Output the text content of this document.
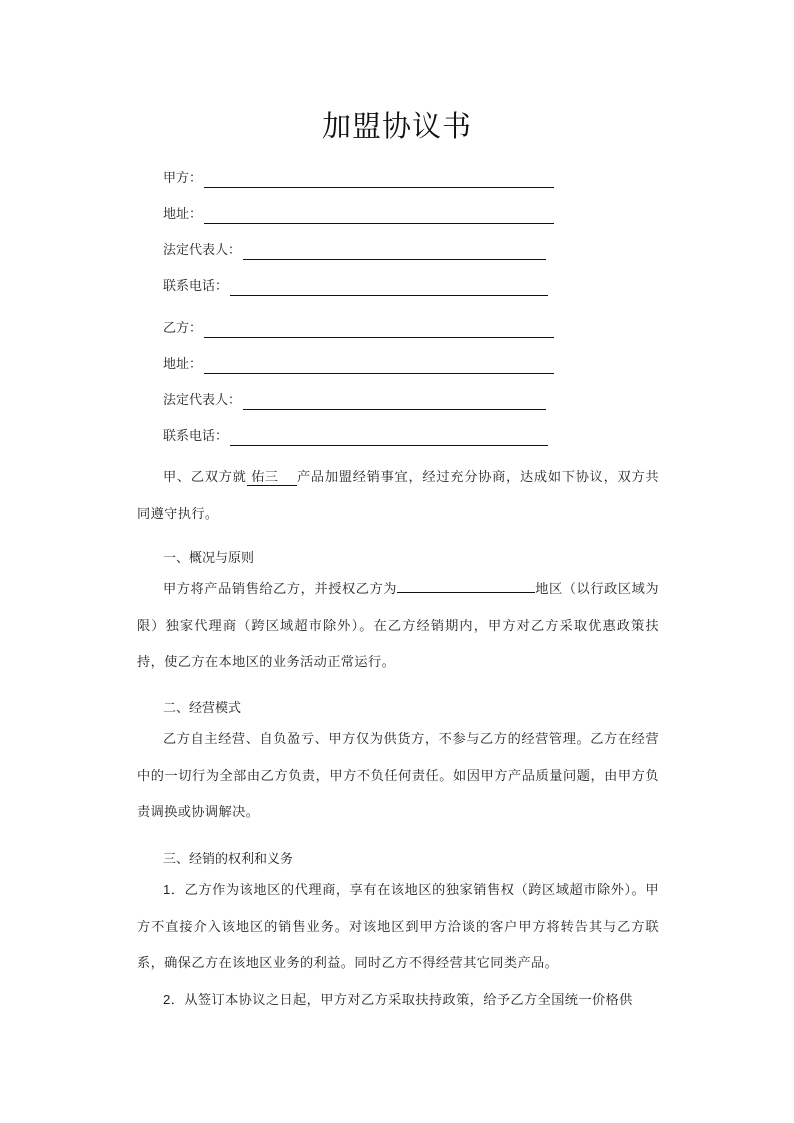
加盟协议书
甲方：
地址：
法定代表人：
联系电话：
乙方：
地址：
法定代表人：
联系电话：
甲、乙双方就 佑三  产品加盟经销事宜，经过充分协商，达成如下协议，双方共同遵守执行。
一、概况与原则
甲方将产品销售给乙方，并授权乙方为	地区（以行政区域为限）独家代理商（跨区域超市除外）。在乙方经销期内，甲方对乙方采取优惠政策扶持，使乙方在本地区的业务活动正常运行。
二、经营模式
乙方自主经营、自负盈亏、甲方仅为供货方，不参与乙方的经营管理。乙方在经营中的一切行为全部由乙方负责，甲方不负任何责任。如因甲方产品质量问题，由甲方负责调换或协调解决。
三、经销的权利和义务
1．乙方作为该地区的代理商，享有在该地区的独家销售权（跨区域超市除外）。甲方不直接介入该地区的销售业务。对该地区到甲方洽谈的客户甲方将转告其与乙方联系，确保乙方在该地区业务的利益。同时乙方不得经营其它同类产品。
2．从签订本协议之日起，甲方对乙方采取扶持政策，给予乙方全国统一价格供
